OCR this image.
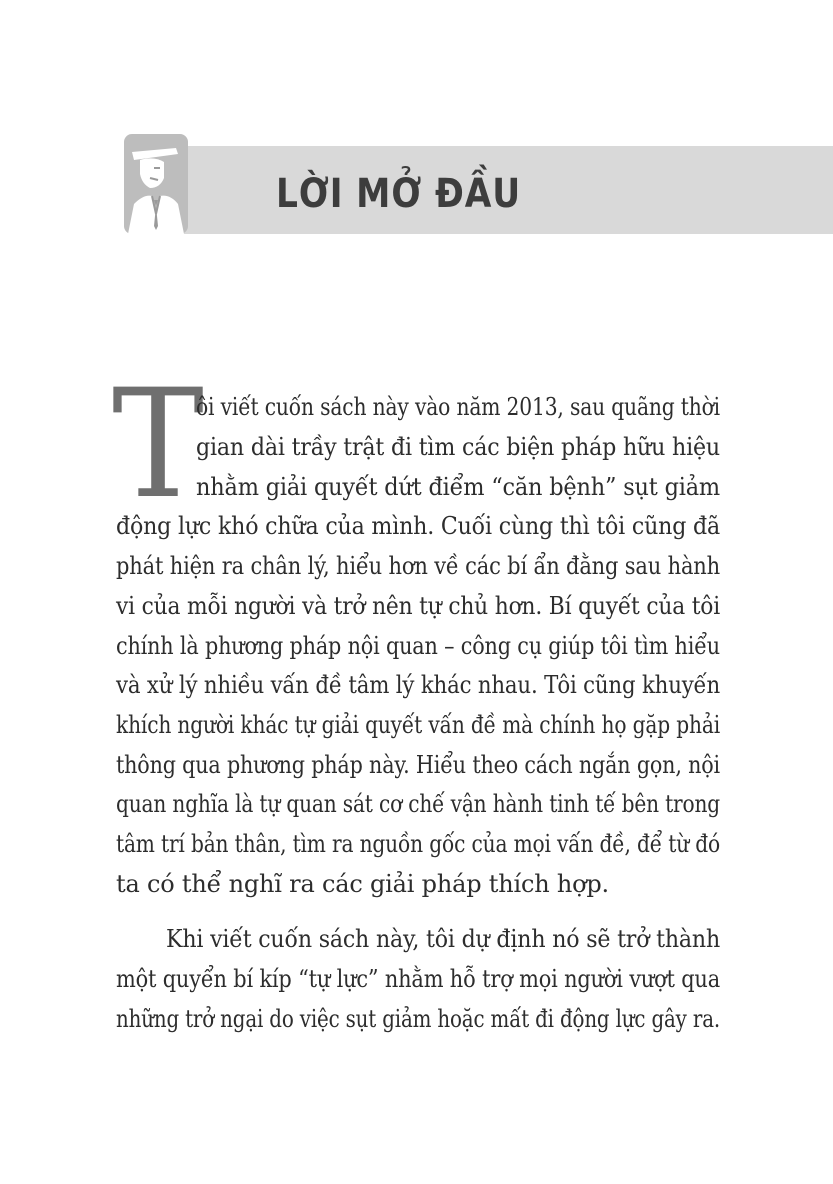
LỜI MỞ ĐẦU
T
ôi viết cuốn sách này vào năm 2013, sau quãng thời
gian dài trầy trật đi tìm các biện pháp hữu hiệu
nhằm giải quyết dứt điểm “căn bệnh” sụt giảm
động lực khó chữa của mình. Cuối cùng thì tôi cũng đã
phát hiện ra chân lý, hiểu hơn về các bí ẩn đằng sau hành
vi của mỗi người và trở nên tự chủ hơn. Bí quyết của tôi
chính là phương pháp nội quan – công cụ giúp tôi tìm hiểu
và xử lý nhiều vấn đề tâm lý khác nhau. Tôi cũng khuyến
khích người khác tự giải quyết vấn đề mà chính họ gặp phải
thông qua phương pháp này. Hiểu theo cách ngắn gọn, nội
quan nghĩa là tự quan sát cơ chế vận hành tinh tế bên trong
tâm trí bản thân, tìm ra nguồn gốc của mọi vấn đề, để từ đó
ta có thể nghĩ ra các giải pháp thích hợp.
Khi viết cuốn sách này, tôi dự định nó sẽ trở thành
một quyển bí kíp “tự lực” nhằm hỗ trợ mọi người vượt qua
những trở ngại do việc sụt giảm hoặc mất đi động lực gây ra.
